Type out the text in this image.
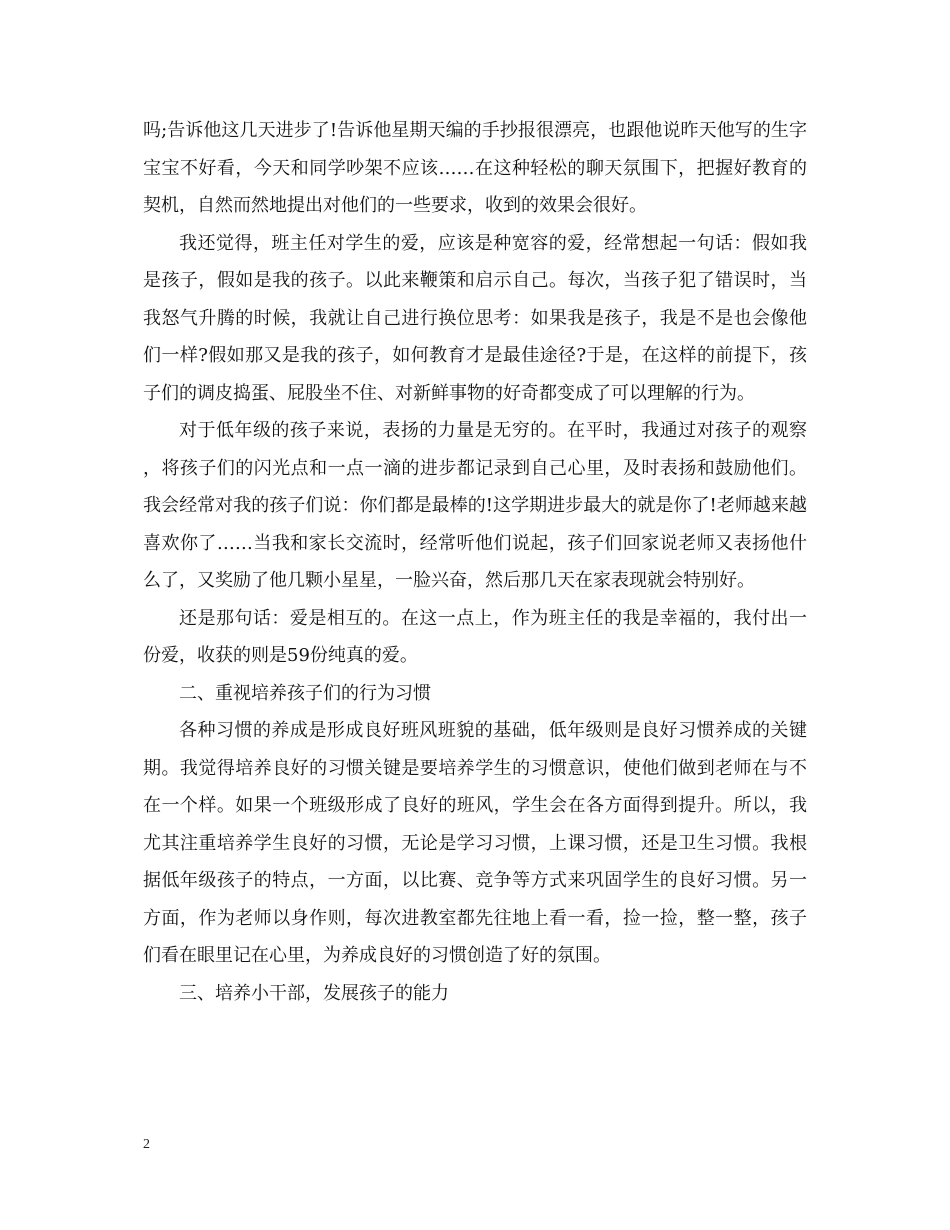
吗;告诉他这几天进步了!告诉他星期天编的手抄报很漂亮，也跟他说昨天他写的生字宝宝不好看，今天和同学吵架不应该……在这种轻松的聊天氛围下，把握好教育的契机，自然而然地提出对他们的一些要求，收到的效果会很好。

我还觉得，班主任对学生的爱，应该是种宽容的爱，经常想起一句话：假如我是孩子，假如是我的孩子。以此来鞭策和启示自己。每次，当孩子犯了错误时，当我怒气升腾的时候，我就让自己进行换位思考：如果我是孩子，我是不是也会像他们一样?假如那又是我的孩子，如何教育才是最佳途径?于是，在这样的前提下，孩子们的调皮捣蛋、屁股坐不住、对新鲜事物的好奇都变成了可以理解的行为。

对于低年级的孩子来说，表扬的力量是无穷的。在平时，我通过对孩子的观察，将孩子们的闪光点和一点一滴的进步都记录到自己心里，及时表扬和鼓励他们。我会经常对我的孩子们说：你们都是最棒的!这学期进步最大的就是你了!老师越来越喜欢你了……当我和家长交流时，经常听他们说起，孩子们回家说老师又表扬他什么了，又奖励了他几颗小星星，一脸兴奋，然后那几天在家表现就会特别好。

还是那句话：爱是相互的。在这一点上，作为班主任的我是幸福的，我付出一份爱，收获的则是59份纯真的爱。

二、重视培养孩子们的行为习惯

各种习惯的养成是形成良好班风班貌的基础，低年级则是良好习惯养成的关键期。我觉得培养良好的习惯关键是要培养学生的习惯意识，使他们做到老师在与不在一个样。如果一个班级形成了良好的班风，学生会在各方面得到提升。所以，我尤其注重培养学生良好的习惯，无论是学习习惯，上课习惯，还是卫生习惯。我根据低年级孩子的特点，一方面，以比赛、竞争等方式来巩固学生的良好习惯。另一方面，作为老师以身作则，每次进教室都先往地上看一看，捡一捡，整一整，孩子们看在眼里记在心里，为养成良好的习惯创造了好的氛围。

三、培养小干部，发展孩子的能力

2
